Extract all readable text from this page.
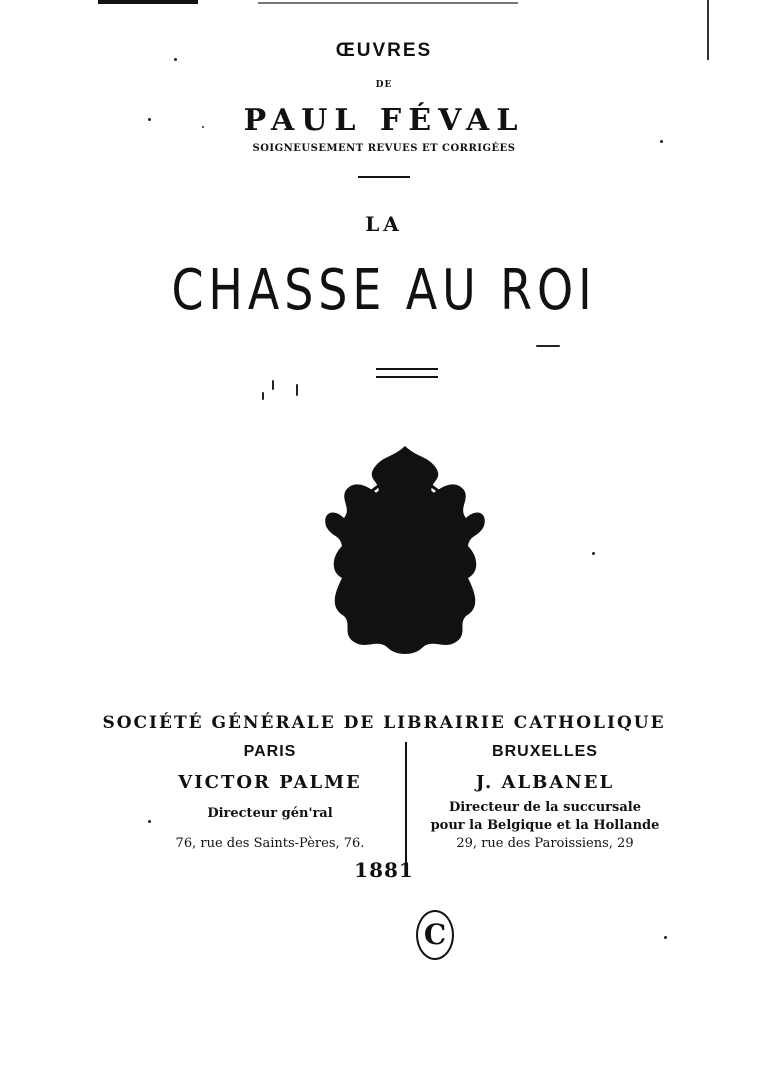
ŒUVRES
DE
PAUL FÉVAL
SOIGNEUSEMENT REVUES ET CORRIGÉES
LA
CHASSE AU ROI
SOCIÉTÉ GÉNÉRALE DE LIBRAIRIE CATHOLIQUE
PARIS
VICTOR PALME
Directeur gén'ral
76, rue des Saints-Pères, 76.
BRUXELLES
J. ALBANEL
Directeur de la succursale
pour la Belgique et la Hollande
29, rue des Paroissiens, 29
1881
C
